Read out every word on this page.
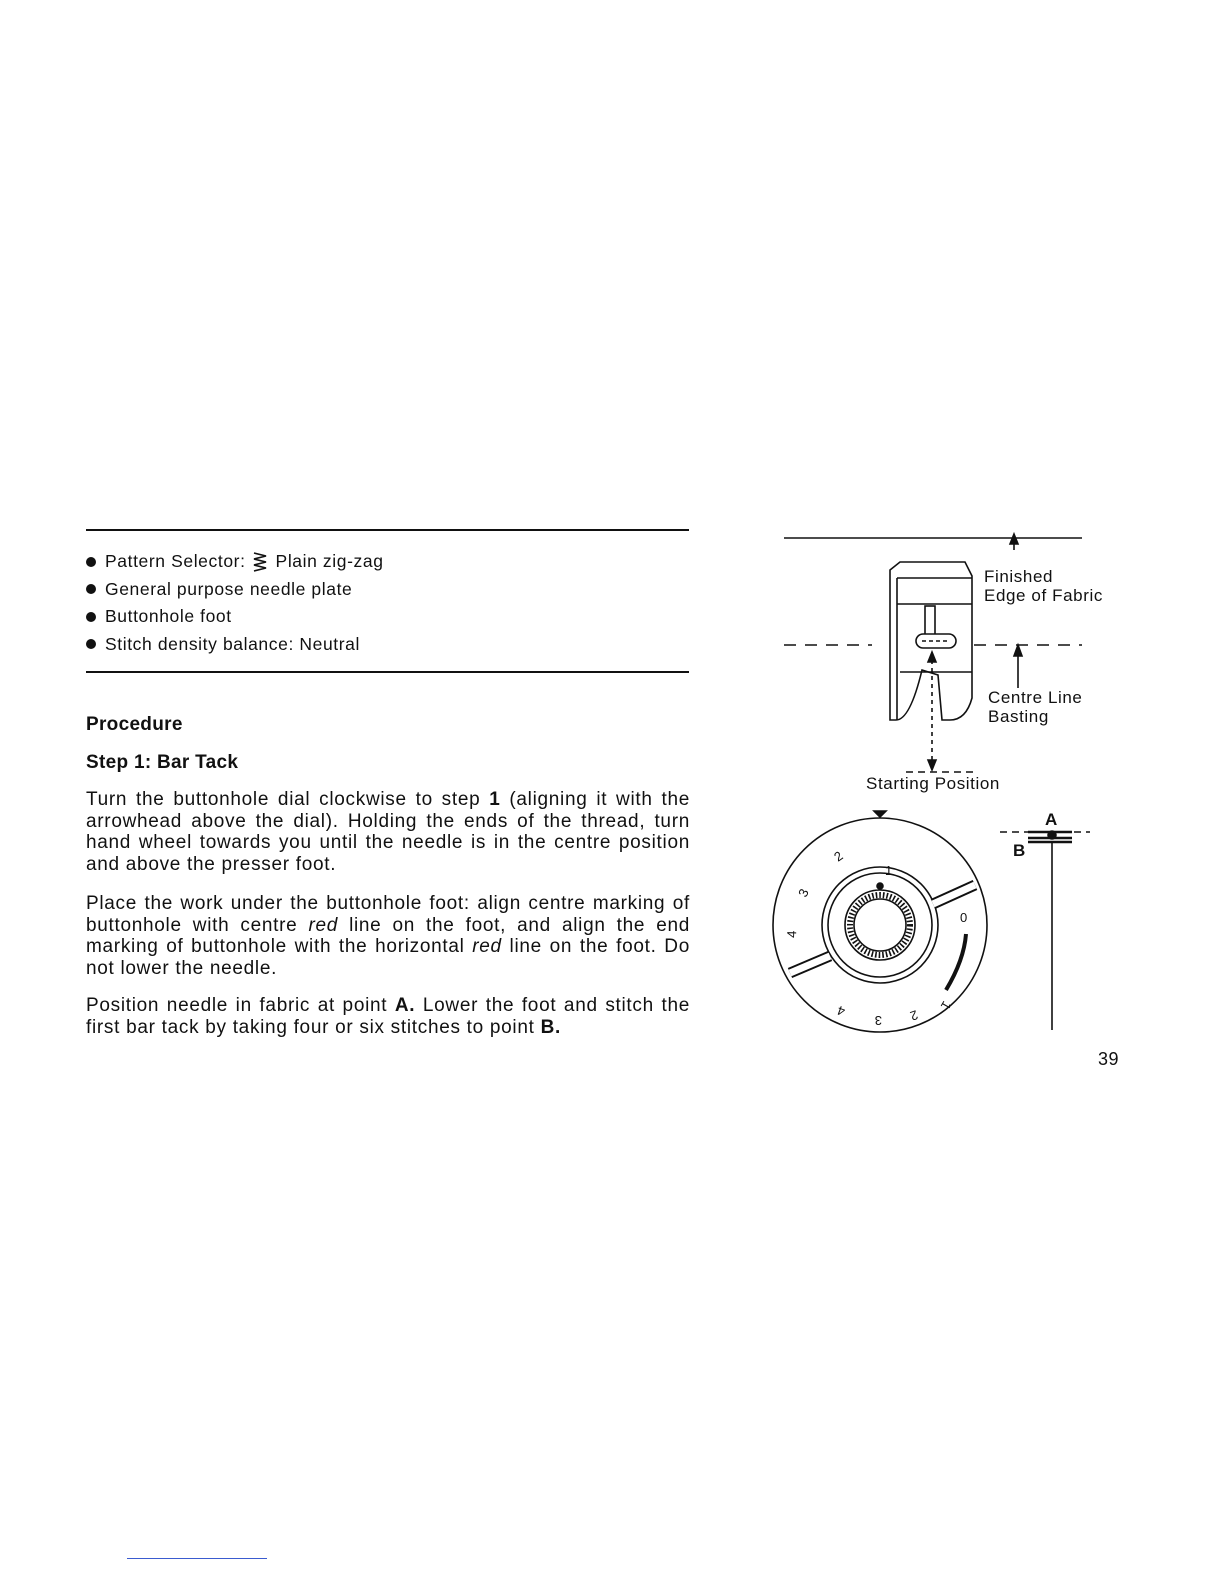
Pattern Selector: Plain zig-zag
General purpose needle plate
Buttonhole foot
Stitch density balance:
Neutral
Procedure
Step 1: Bar Tack

Turn the buttonhole dial clockwise to step 1 (aligning it with the arrowhead above the dial). Holding the ends of the thread, turn hand wheel towards you until the needle is in the centre position and above the presser foot.

Place the work under the buttonhole foot: align centre marking of buttonhole with centre red line on the foot, and align the end marking of buttonhole with the horizontal red line on the foot. Do not lower the needle.

Position needle in fabric at point A. Lower the foot and stitch the first bar tack by taking four or six stitches to point B.

1
2
3
4
0
1
2
3
4
Finished
Edge of Fabric
Centre Line
Basting
Starting Position
A
B
39
